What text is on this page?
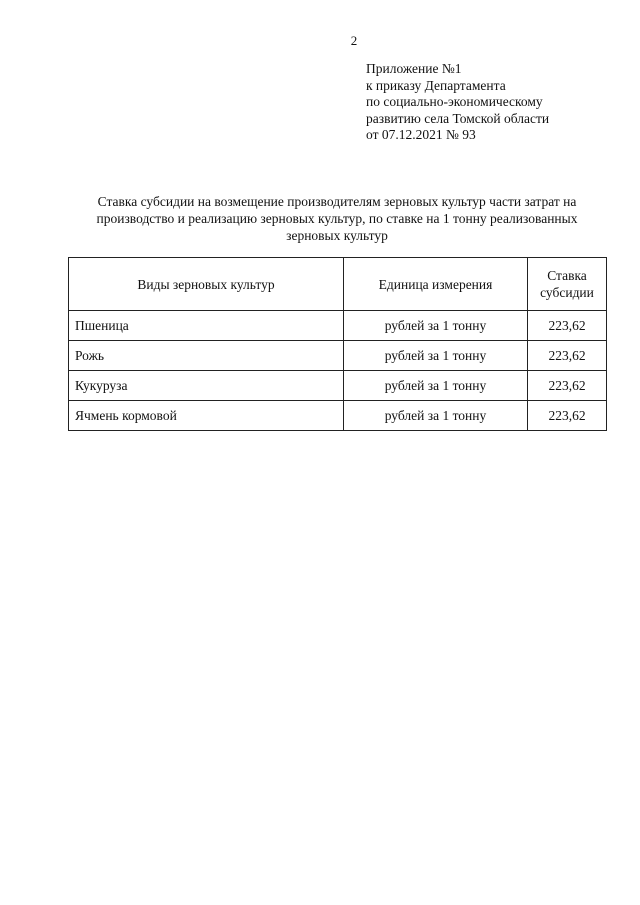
2
Приложение №1
к приказу Департамента
по социально-экономическому
развитию села Томской области
от 07.12.2021 № 93
Ставка субсидии на возмещение производителям зерновых культур части затрат на
производство и реализацию зерновых культур, по ставке на 1 тонну реализованных
зерновых культур
Виды зерновых культур	Единица измерения	Ставка
субсидии
Пшеница	рублей за 1 тонну	223,62
Рожь	рублей за 1 тонну	223,62
Кукуруза	рублей за 1 тонну	223,62
Ячмень кормовой	рублей за 1 тонну	223,62
